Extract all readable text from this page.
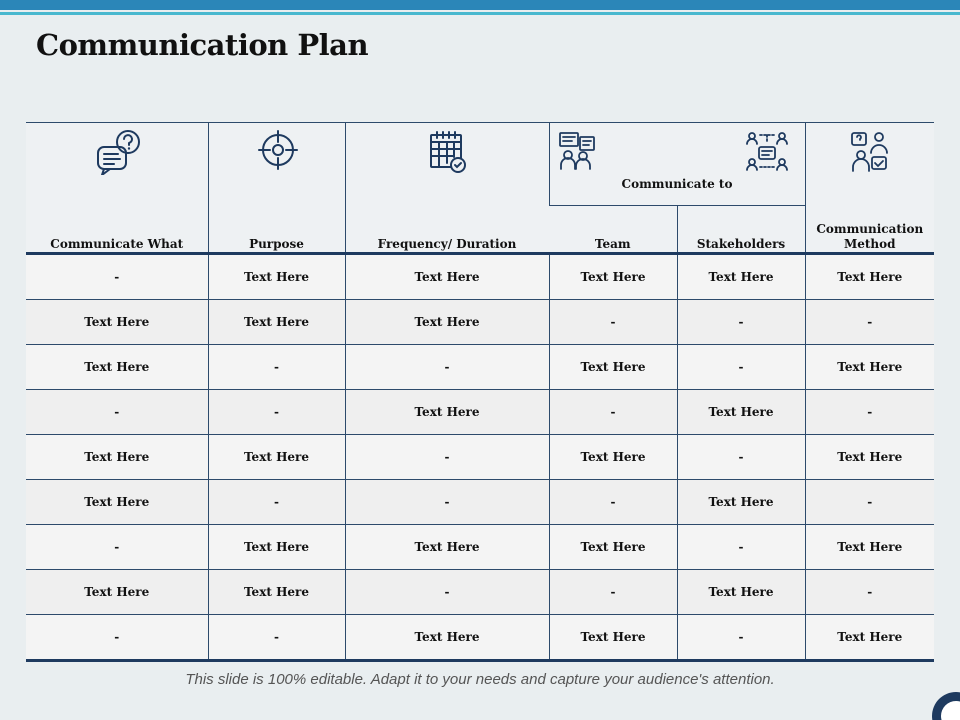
Communication Plan
Communicate What	Purpose	Frequency/ Duration	Communicate to		Communication Method

			Team	Stakeholders	
-	Text Here	Text Here	Text Here	Text Here	Text Here
Text Here	Text Here	Text Here	-	-	-
Text Here	-	-	Text Here	-	Text Here
-	-	Text Here	-	Text Here	-
Text Here	Text Here	-	Text Here	-	Text Here
Text Here	-	-	-	Text Here	-
-	Text Here	Text Here	Text Here	-	Text Here
Text Here	Text Here	-	-	Text Here	-
-	-	Text Here	Text Here	-	Text Here
This slide is 100% editable. Adapt it to your needs and capture your audience's attention.
